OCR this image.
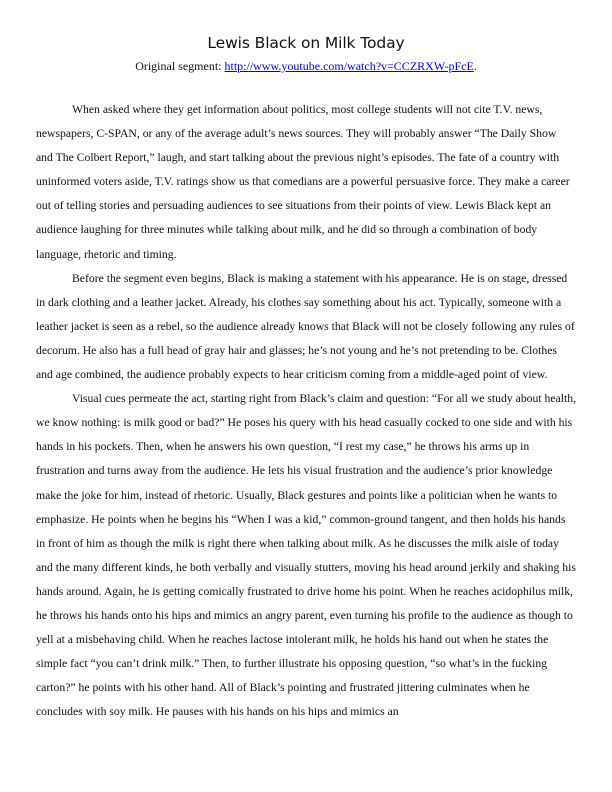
Lewis Black on Milk Today
Original segment: http://www.youtube.com/watch?v=CCZRXW-pFcE.

When asked where they get information about politics, most college students will not cite T.V. news, newspapers, C-SPAN, or any of the average adult’s news sources. They will probably answer “The Daily Show and The Colbert Report,” laugh, and start talking about the previous night’s episodes. The fate of a country with uninformed voters aside, T.V. ratings show us that comedians are a powerful persuasive force. They make a career out of telling stories and persuading audiences to see situations from their points of view. Lewis Black kept an audience laughing for three minutes while talking about milk, and he did so through a combination of body language, rhetoric and timing.

Before the segment even begins, Black is making a statement with his appearance. He is on stage, dressed in dark clothing and a leather jacket. Already, his clothes say something about his act. Typically, someone with a leather jacket is seen as a rebel, so the audience already knows that Black will not be closely following any rules of decorum. He also has a full head of gray hair and glasses; he’s not young and he’s not pretending to be. Clothes and age combined, the audience probably expects to hear criticism coming from a middle-aged point of view.

Visual cues permeate the act, starting right from Black’s claim and question: “For all we study about health, we know nothing: is milk good or bad?” He poses his query with his head casually cocked to one side and with his hands in his pockets. Then, when he answers his own question, “I rest my case,” he throws his arms up in frustration and turns away from the audience. He lets his visual frustration and the audience’s prior knowledge make the joke for him, instead of rhetoric. Usually, Black gestures and points like a politician when he wants to emphasize. He points when he begins his “When I was a kid,” common-ground tangent, and then holds his hands in front of him as though the milk is right there when talking about milk. As he discusses the milk aisle of today and the many different kinds, he both verbally and visually stutters, moving his head around jerkily and shaking his hands around. Again, he is getting comically frustrated to drive home his point. When he reaches acidophilus milk, he throws his hands onto his hips and mimics an angry parent, even turning his profile to the audience as though to yell at a misbehaving child. When he reaches lactose intolerant milk, he holds his hand out when he states the simple fact “you can’t drink milk.” Then, to further illustrate his opposing question, “so what’s in the fucking carton?” he points with his other hand. All of Black’s pointing and frustrated jittering culminates when he concludes with soy milk. He pauses with his hands on his hips and mimics an
